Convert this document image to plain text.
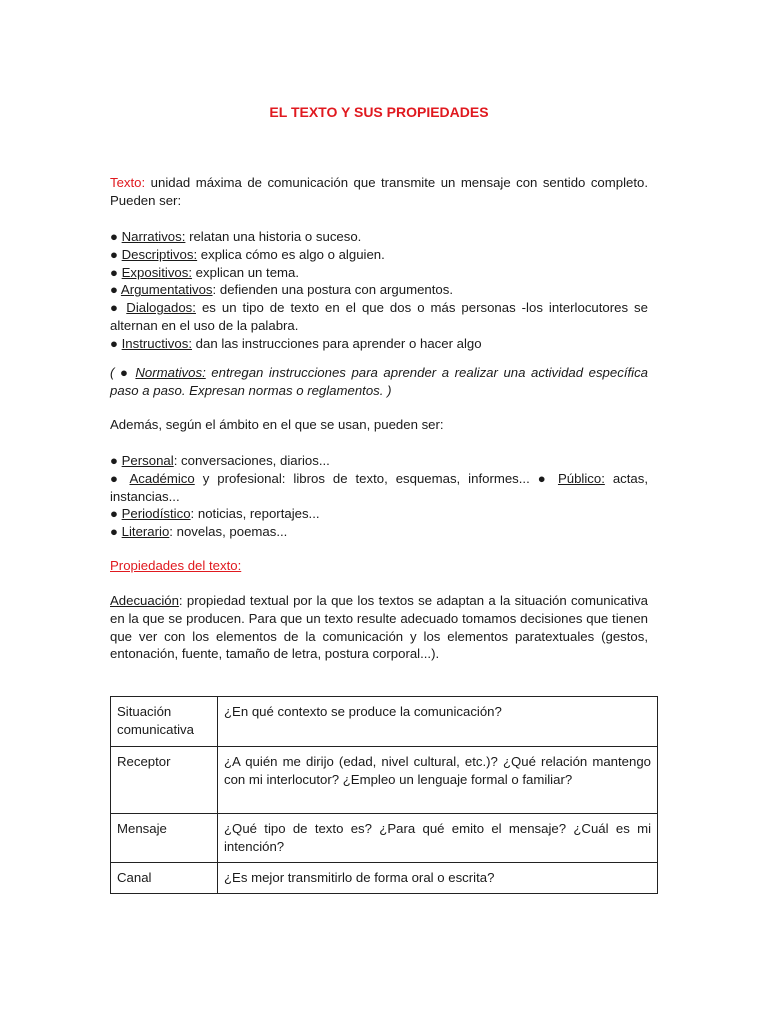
EL TEXTO Y SUS PROPIEDADES
Texto: unidad máxima de comunicación que transmite un mensaje con sentido completo. Pueden ser:
● Narrativos: relatan una historia o suceso.
● Descriptivos: explica cómo es algo o alguien.
● Expositivos: explican un tema.
● Argumentativos: defienden una postura con argumentos.
● Dialogados: es un tipo de texto en el que dos o más personas -los interlocutores se alternan en el uso de la palabra.
● Instructivos: dan las instrucciones para aprender o hacer algo
( ● Normativos: entregan instrucciones para aprender a realizar una actividad específica paso a paso. Expresan normas o reglamentos. )
Además, según el ámbito en el que se usan, pueden ser:
● Personal: conversaciones, diarios...
● Académico y profesional: libros de texto, esquemas, informes... ● Público: actas, instancias...
● Periodístico: noticias, reportajes...
● Literario: novelas, poemas...
Propiedades del texto:
Adecuación: propiedad textual por la que los textos se adaptan a la situación comunicativa en la que se producen. Para que un texto resulte adecuado tomamos decisiones que tienen que ver con los elementos de la comunicación y los elementos paratextuales (gestos, entonación, fuente, tamaño de letra, postura corporal...).
Situación comunicativa	¿En qué contexto se produce la comunicación?
Receptor	¿A quién me dirijo (edad, nivel cultural, etc.)? ¿Qué relación mantengo con mi interlocutor? ¿Empleo un lenguaje formal o familiar?
Mensaje	¿Qué tipo de texto es? ¿Para qué emito el mensaje? ¿Cuál es mi intención?
Canal	¿Es mejor transmitirlo de forma oral o escrita?
